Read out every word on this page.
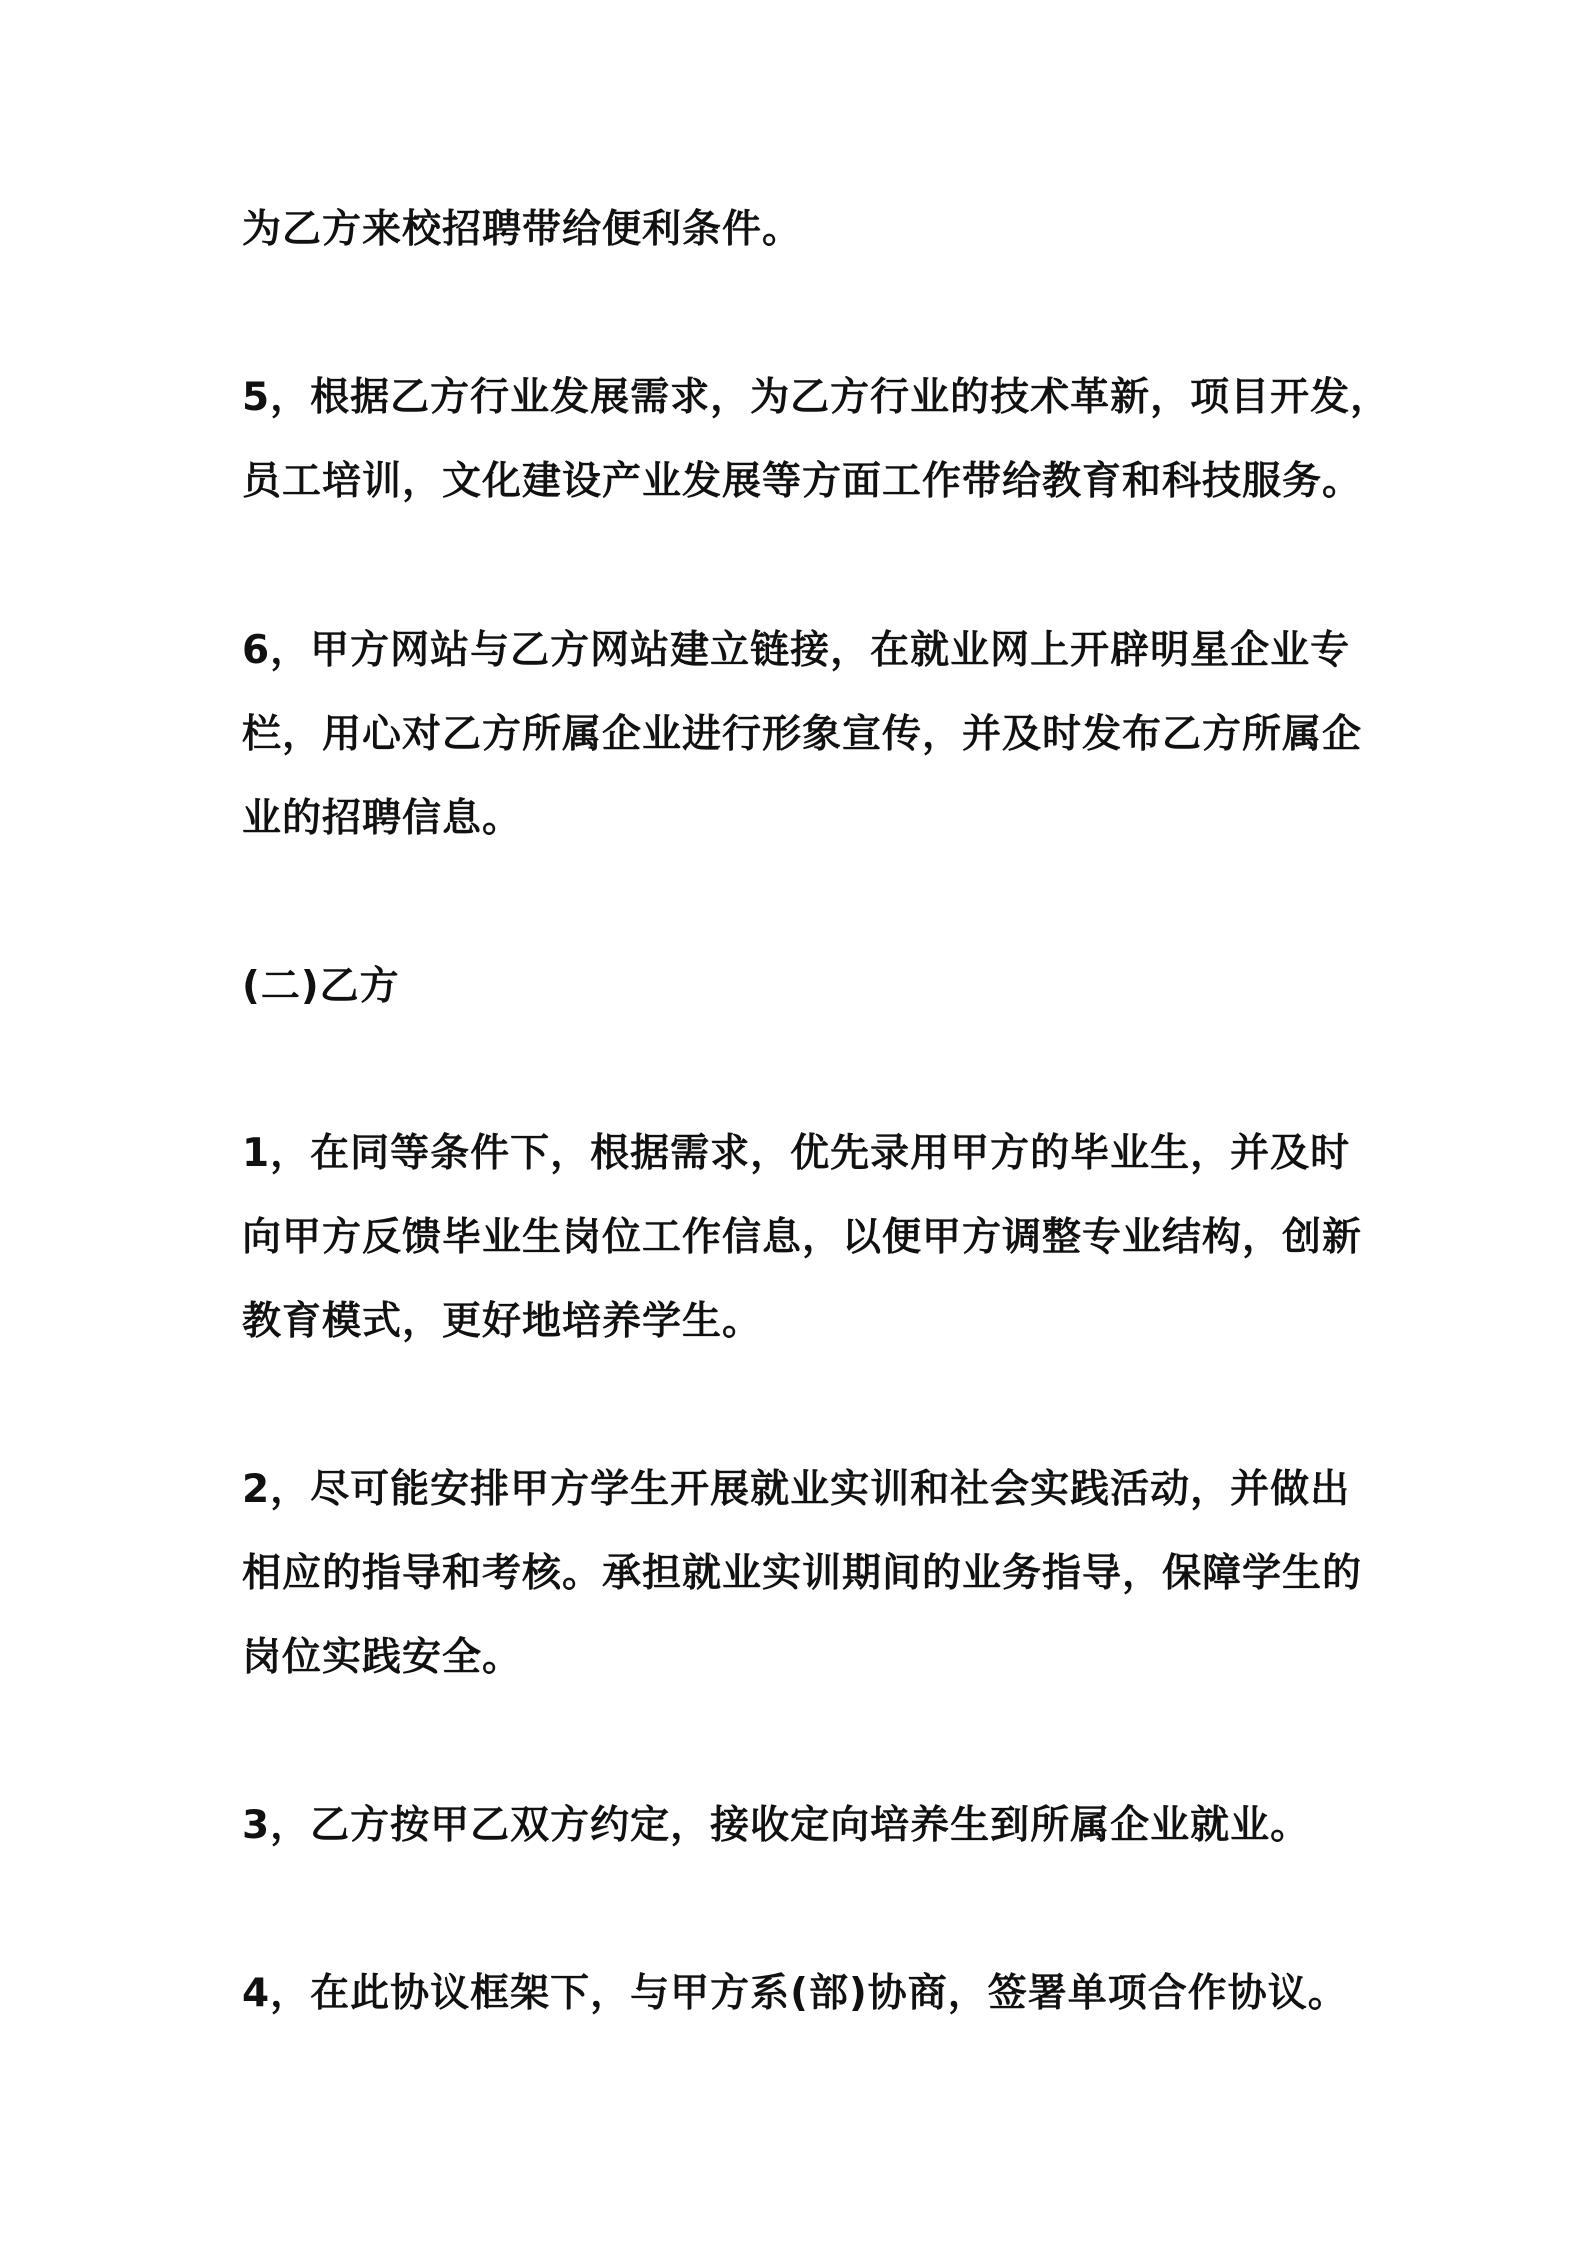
为乙方来校招聘带给便利条件。
5，根据乙方行业发展需求，为乙方行业的技术革新，项目开发，
员工培训，文化建设产业发展等方面工作带给教育和科技服务。
6，甲方网站与乙方网站建立链接，在就业网上开辟明星企业专
栏，用心对乙方所属企业进行形象宣传，并及时发布乙方所属企
业的招聘信息。
(二)乙方
1，在同等条件下，根据需求，优先录用甲方的毕业生，并及时
向甲方反馈毕业生岗位工作信息，以便甲方调整专业结构，创新
教育模式，更好地培养学生。
2，尽可能安排甲方学生开展就业实训和社会实践活动，并做出
相应的指导和考核。承担就业实训期间的业务指导，保障学生的
岗位实践安全。
3，乙方按甲乙双方约定，接收定向培养生到所属企业就业。
4，在此协议框架下，与甲方系(部)协商，签署单项合作协议。
